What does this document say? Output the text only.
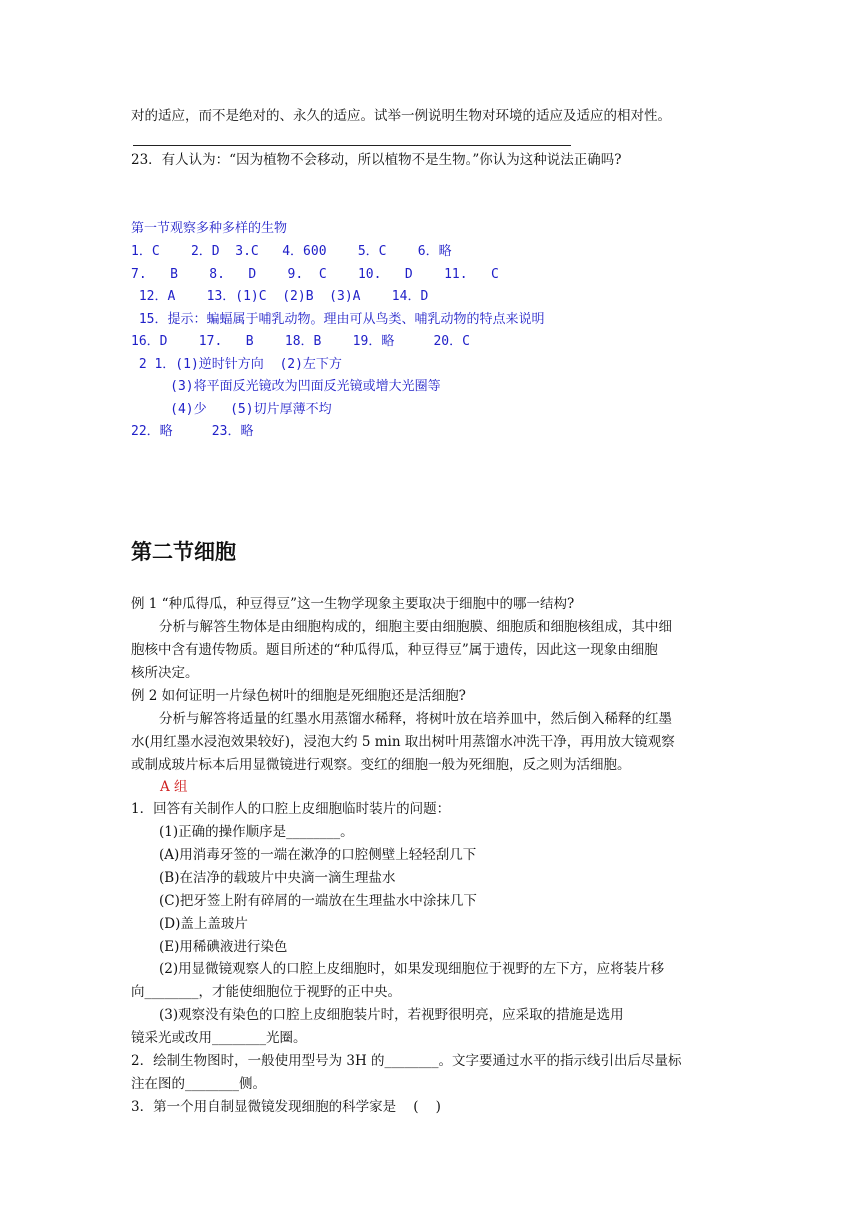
对的适应，而不是绝对的、永久的适应。试举一例说明生物对环境的适应及适应的相对性。
23．有人认为：“因为植物不会移动，所以植物不是生物。”你认为这种说法正确吗?
第一节观察多种多样的生物
1．C    2．D  3.C   4．600    5．C    6．略
7.   B    8.   D    9.  C    10.   D    11.   C
12．A    13．(1)C  (2)B  (3)A    14．D
15．提示：蝙蝠属于哺乳动物。理由可从鸟类、哺乳动物的特点来说明
16．D    17.   B    18．B    19．略     20．C
2 1．(1)逆时针方向  (2)左下方
(3)将平面反光镜改为凹面反光镜或增大光圈等
(4)少   (5)切片厚薄不均
22．略     23．略
第二节细胞
例 1 “种瓜得瓜，种豆得豆”这一生物学现象主要取决于细胞中的哪一结构?
分析与解答生物体是由细胞构成的，细胞主要由细胞膜、细胞质和细胞核组成，其中细
胞核中含有遗传物质。题目所述的“种瓜得瓜，种豆得豆”属于遗传，因此这一现象由细胞
核所决定。
例 2 如何证明一片绿色树叶的细胞是死细胞还是活细胞?
分析与解答将适量的红墨水用蒸馏水稀释，将树叶放在培养皿中，然后倒入稀释的红墨
水(用红墨水浸泡效果较好)，浸泡大约 5 min 取出树叶用蒸馏水冲洗干净，再用放大镜观察
或制成玻片标本后用显微镜进行观察。变红的细胞一般为死细胞，反之则为活细胞。
A 组
1．回答有关制作人的口腔上皮细胞临时装片的问题：
(1)正确的操作顺序是________。
(A)用消毒牙签的一端在漱净的口腔侧壁上轻轻刮几下
(B)在洁净的载玻片中央滴一滴生理盐水
(C)把牙签上附有碎屑的一端放在生理盐水中涂抹几下
(D)盖上盖玻片
(E)用稀碘液进行染色
(2)用显微镜观察人的口腔上皮细胞时，如果发现细胞位于视野的左下方，应将装片移
向________，才能使细胞位于视野的正中央。
(3)观察没有染色的口腔上皮细胞装片时，若视野很明亮，应采取的措施是选用
镜采光或改用________光圈。
2．绘制生物图时，一般使用型号为 3H 的________。文字要通过水平的指示线引出后尽量标
注在图的________侧。
3．第一个用自制显微镜发现细胞的科学家是    (    )
